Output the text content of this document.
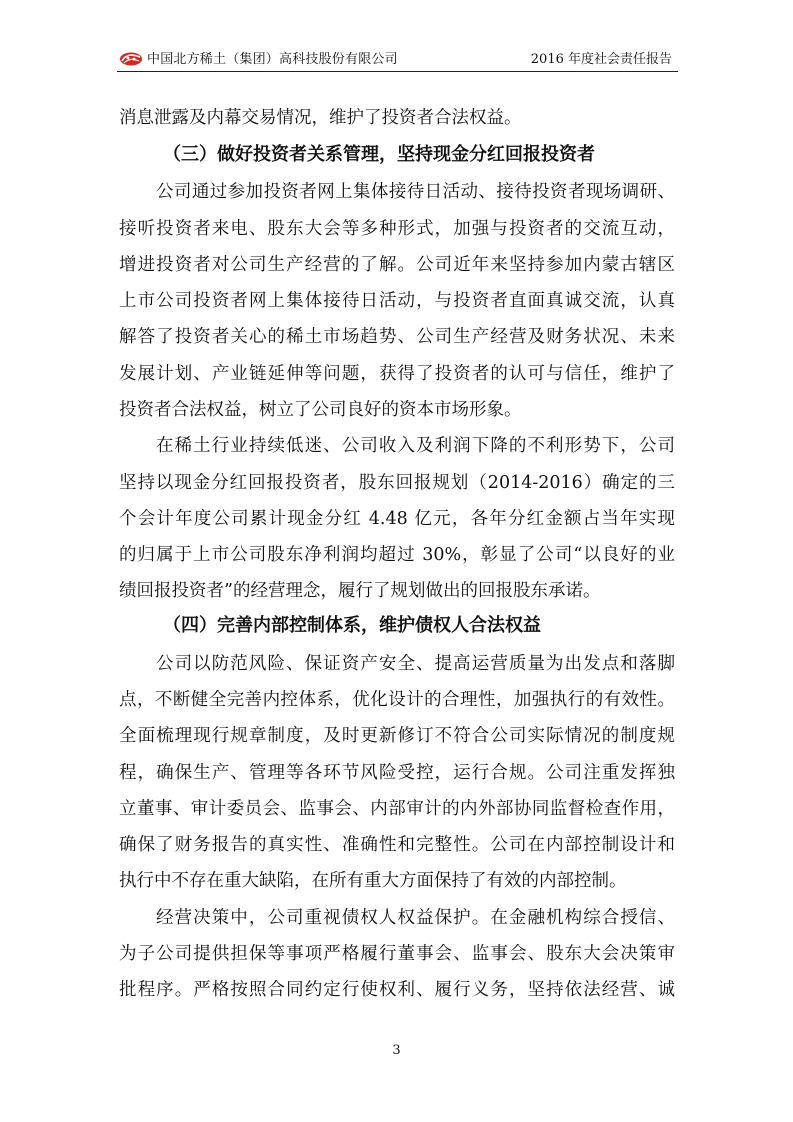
中国北方稀土（集团）高科技股份有限公司	2016 年度社会责任报告
消息泄露及内幕交易情况，维护了投资者合法权益。
（三）做好投资者关系管理，坚持现金分红回报投资者
公司通过参加投资者网上集体接待日活动、接待投资者现场调研、
接听投资者来电、股东大会等多种形式，加强与投资者的交流互动，
增进投资者对公司生产经营的了解。公司近年来坚持参加内蒙古辖区
上市公司投资者网上集体接待日活动，与投资者直面真诚交流，认真
解答了投资者关心的稀土市场趋势、公司生产经营及财务状况、未来
发展计划、产业链延伸等问题，获得了投资者的认可与信任，维护了
投资者合法权益，树立了公司良好的资本市场形象。
在稀土行业持续低迷、公司收入及利润下降的不利形势下，公司
坚持以现金分红回报投资者，股东回报规划（2014-2016）确定的三
个会计年度公司累计现金分红 4.48 亿元，各年分红金额占当年实现
的归属于上市公司股东净利润均超过 30%，彰显了公司“以良好的业
绩回报投资者”的经营理念，履行了规划做出的回报股东承诺。
（四）完善内部控制体系，维护债权人合法权益
公司以防范风险、保证资产安全、提高运营质量为出发点和落脚
点，不断健全完善内控体系，优化设计的合理性，加强执行的有效性。
全面梳理现行规章制度，及时更新修订不符合公司实际情况的制度规
程，确保生产、管理等各环节风险受控，运行合规。公司注重发挥独
立董事、审计委员会、监事会、内部审计的内外部协同监督检查作用，
确保了财务报告的真实性、准确性和完整性。公司在内部控制设计和
执行中不存在重大缺陷，在所有重大方面保持了有效的内部控制。
经营决策中，公司重视债权人权益保护。在金融机构综合授信、
为子公司提供担保等事项严格履行董事会、监事会、股东大会决策审
批程序。严格按照合同约定行使权利、履行义务，坚持依法经营、诚
3
